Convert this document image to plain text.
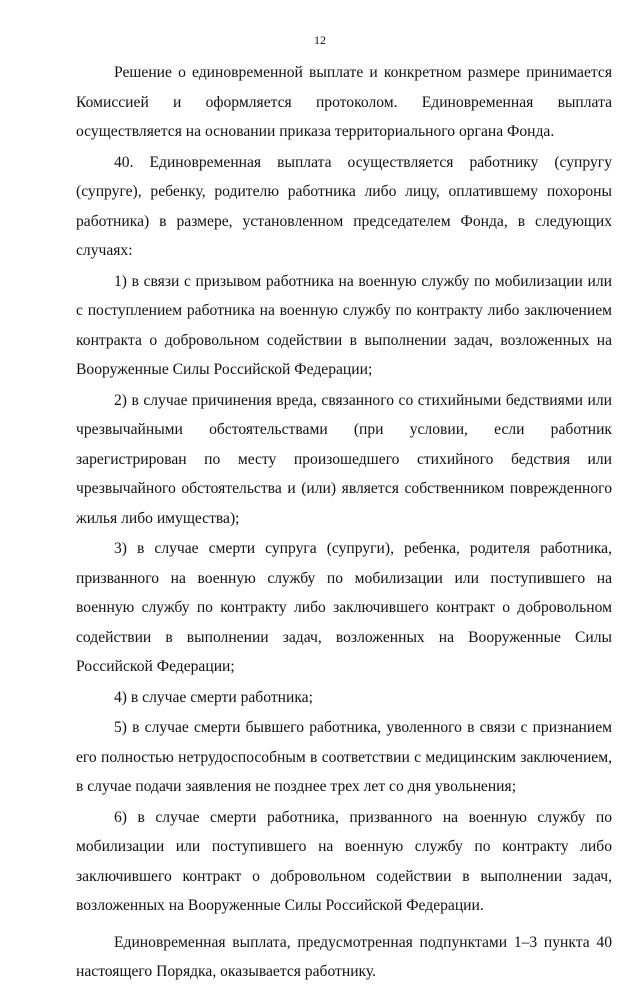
12

Решение о единовременной выплате и конкретном размере принимается Комиссией и оформляется протоколом. Единовременная выплата осуществляется на основании приказа территориального органа Фонда.

40. Единовременная выплата осуществляется работнику (супругу (супруге), ребенку, родителю работника либо лицу, оплатившему похороны работника) в размере, установленном председателем Фонда, в следующих случаях:

1) в связи с призывом работника на военную службу по мобилизации или с поступлением работника на военную службу по контракту либо заключением контракта о добровольном содействии в выполнении задач, возложенных на Вооруженные Силы Российской Федерации;

2) в случае причинения вреда, связанного со стихийными бедствиями или чрезвычайными обстоятельствами (при условии, если работник зарегистрирован по месту произошедшего стихийного бедствия или чрезвычайного обстоятельства и (или) является собственником поврежденного жилья либо имущества);

3) в случае смерти супруга (супруги), ребенка, родителя работника, призванного на военную службу по мобилизации или поступившего на военную службу по контракту либо заключившего контракт о добровольном содействии в выполнении задач, возложенных на Вооруженные Силы Российской Федерации;

4) в случае смерти работника;

5) в случае смерти бывшего работника, уволенного в связи с признанием его полностью нетрудоспособным в соответствии с медицинским заключением, в случае подачи заявления не позднее трех лет со дня увольнения;

6) в случае смерти работника, призванного на военную службу по мобилизации или поступившего на военную службу по контракту либо заключившего контракт о добровольном содействии в выполнении задач, возложенных на Вооруженные Силы Российской Федерации.

Единовременная выплата, предусмотренная подпунктами 1–3 пункта 40 настоящего Порядка, оказывается работнику.
